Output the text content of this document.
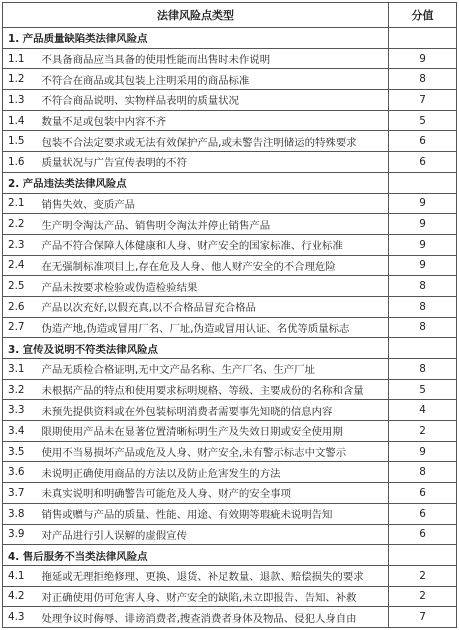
法律风险点类型		分值
1. 产品质量缺陷类法律风险点		
1.1	不具备商品应当具备的使用性能而出售时未作说明	9
1.2	不符合在商品或其包装上注明采用的商品标准	8
1.3	不符合商品说明、实物样品表明的质量状况	7
1.4	数量不足或包装中内容不齐	5
1.5	包装不合法定要求或无法有效保护产品,或未警告注明储运的特殊要求	6
1.6	质量状况与广告宣传表明的不符	6
2. 产品违法类法律风险点		
2.1	销售失效、变质产品	9
2.2	生产明令淘汰产品、销售明令淘汰并停止销售产品	9
2.3	产品不符合保障人体健康和人身、财产安全的国家标准、行业标准	9
2.4	在无强制标准项目上,存在危及人身、他人财产安全的不合理危险	9
2.5	产品未按要求检验或伪造检验结果	8
2.6	产品以次充好,以假充真,以不合格品冒充合格品	8
2.7	伪造产地,伪造或冒用厂名、厂址,伪造或冒用认证、名优等质量标志	8
3. 宣传及说明不符类法律风险点		
3.1	产品无质检合格证明,无中文产品名称、生产厂名、生产厂址	8
3.2	未根据产品的特点和使用要求标明规格、等级、主要成份的名称和含量	5
3.3	未预先提供资料或在外包装标明消费者需要事先知晓的信息内容	4
3.4	限期使用产品未在显著位置清晰标明生产及失效日期或安全使用期	2
3.5	使用不当易损坏产品或危及人身、财产安全,未有警示标志中文警示	9
3.6	未说明正确使用商品的方法以及防止危害发生的方法	8
3.7	未真实说明和明确警告可能危及人身、财产的安全事项	6
3.8	销售或赠与产品的质量、性能、用途、有效期等瑕疵未说明告知	6
3.9	对产品进行引人误解的虚假宣传	6
4. 售后服务不当类法律风险点		
4.1	拖延或无理拒绝修理、更换、退货、补足数量、退款、赔偿损失的要求	2
4.2	对正确使用仍可危害人身、财产安全的缺陷,未立即报告、告知、补救	2
4.3	处理争议时侮辱、诽谤消费者,搜查消费者身体及物品、侵犯人身自由	7
